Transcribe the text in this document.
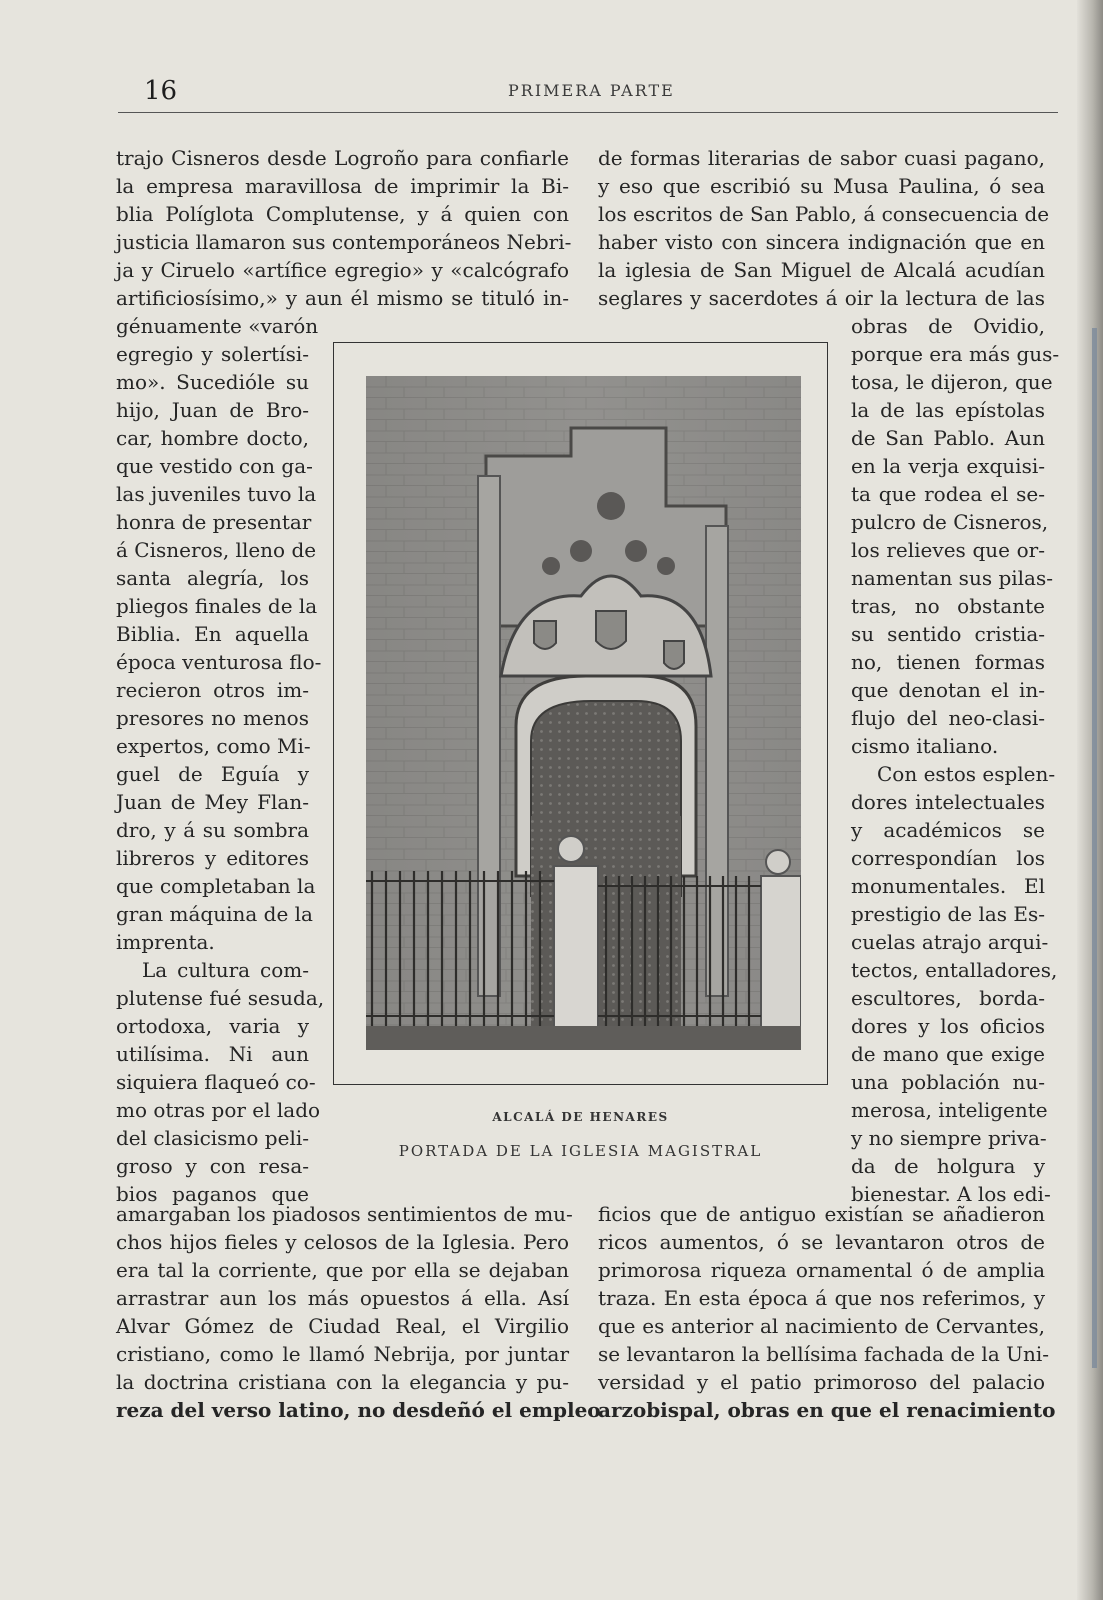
16	PRIMERA PARTE
trajo Cisneros desde Logroño para confiarle
la empresa maravillosa de imprimir la Bi-
blia Políglota Complutense, y á quien con
justicia llamaron sus contemporáneos Nebri-
ja y Ciruelo «artífice egregio» y «calcógrafo
artificiosísimo,» y aun él mismo se tituló in-
génuamente «varón
egregio y solertísi-
mo». Sucedióle su
hijo, Juan de Bro-
car, hombre docto,
que vestido con ga-
las juveniles tuvo la
honra de presentar
á Cisneros, lleno de
santa alegría, los
pliegos finales de la
Biblia. En aquella
época venturosa flo-
recieron otros im-
presores no menos
expertos, como Mi-
guel de Eguía y
Juan de Mey Flan-
dro, y á su sombra
libreros y editores
que completaban la
gran máquina de la
imprenta.
La cultura com-
plutense fué sesuda,
ortodoxa, varia y
utilísima. Ni aun
siquiera flaqueó co-
mo otras por el lado
del clasicismo peli-
groso y con resa-
bios paganos que
amargaban los piadosos sentimientos de mu-
chos hijos fieles y celosos de la Iglesia. Pero
era tal la corriente, que por ella se dejaban
arrastrar aun los más opuestos á ella. Así
Alvar Gómez de Ciudad Real, el Virgilio
cristiano, como le llamó Nebrija, por juntar
la doctrina cristiana con la elegancia y pu-
reza del verso latino, no desdeñó el empleo
de formas literarias de sabor cuasi pagano,
y eso que escribió su Musa Paulina, ó sea
los escritos de San Pablo, á consecuencia de
haber visto con sincera indignación que en
la iglesia de San Miguel de Alcalá acudían
seglares y sacerdotes á oir la lectura de las
obras de Ovidio,
porque era más gus-
tosa, le dijeron, que
la de las epístolas
de San Pablo. Aun
en la verja exquisi-
ta que rodea el se-
pulcro de Cisneros,
los relieves que or-
namentan sus pilas-
tras, no obstante
su sentido cristia-
no, tienen formas
que denotan el in-
flujo del neo-clasi-
cismo italiano.
Con estos esplen-
dores intelectuales
y académicos se
correspondían los
monumentales. El
prestigio de las Es-
cuelas atrajo arqui-
tectos, entalladores,
escultores, borda-
dores y los oficios
de mano que exige
una población nu-
merosa, inteligente
y no siempre priva-
da de holgura y
bienestar. A los edi-
ficios que de antiguo existían se añadieron
ricos aumentos, ó se levantaron otros de
primorosa riqueza ornamental ó de amplia
traza. En esta época á que nos referimos, y
que es anterior al nacimiento de Cervantes,
se levantaron la bellísima fachada de la Uni-
versidad y el patio primoroso del palacio
arzobispal, obras en que el renacimiento
ALCALÁ DE HENARES
PORTADA DE LA IGLESIA MAGISTRAL
